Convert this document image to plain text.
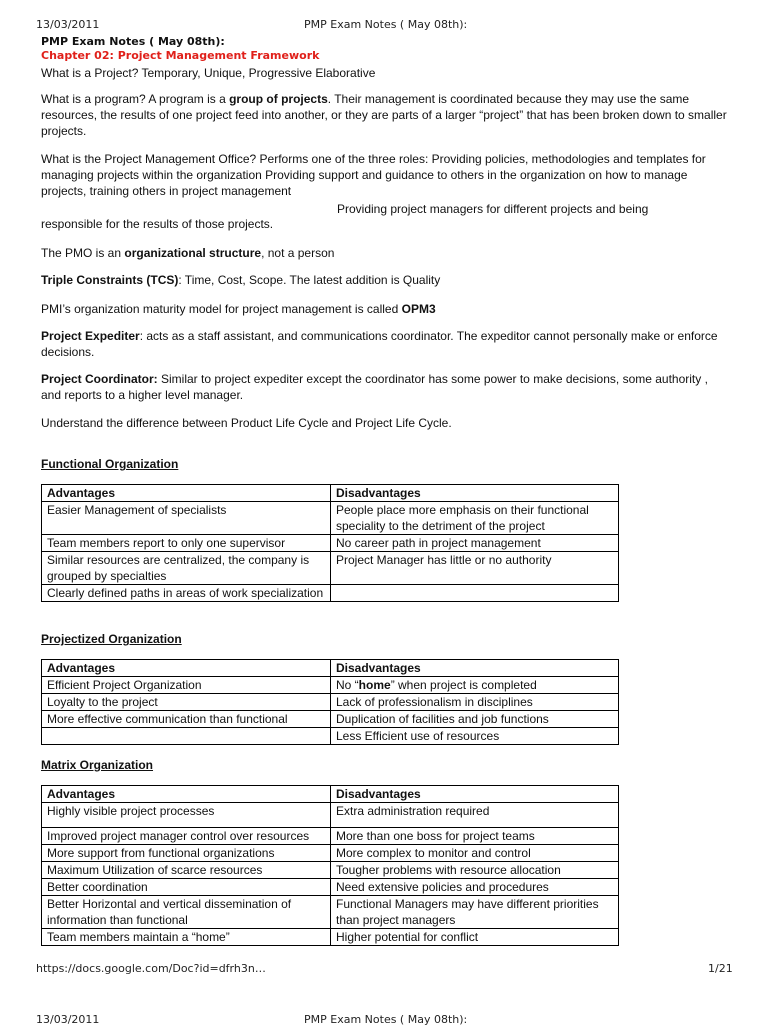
13/03/2011	PMP Exam Notes ( May 08th):
PMP Exam Notes ( May 08th):
Chapter 02: Project Management Framework
What is a Project? Temporary, Unique, Progressive Elaborative
What is a program? A program is a group of projects. Their management is coordinated because they may use the same resources, the results of one project feed into another, or they are parts of a larger “project” that has been broken down to smaller projects.
What is the Project Management Office? Performs one of the three roles: Providing policies, methodologies and templates for managing projects within the organization Providing support and guidance to others in the organization on how to manage projects, training others in project management
Providing project managers for different projects and being
responsible for the results of those projects.
The PMO is an organizational structure, not a person
Triple Constraints (TCS): Time, Cost, Scope. The latest addition is Quality
PMI’s organization maturity model for project management is called OPM3
Project Expediter: acts as a staff assistant, and communications coordinator. The expeditor cannot personally make or enforce decisions.
Project Coordinator: Similar to project expediter except the coordinator has some power to make decisions, some authority , and reports to a higher level manager.
Understand the difference between Product Life Cycle and Project Life Cycle.
Functional Organization
Advantages	Disadvantages
Easier Management of specialists	People place more emphasis on their functional speciality to the detriment of the project
Team members report to only one supervisor	No career path in project management
Similar resources are centralized, the company is grouped by specialties	Project Manager has little or no authority
Clearly defined paths in areas of work specialization	
Projectized Organization
Advantages	Disadvantages
Efficient Project Organization	No “home” when project is completed
Loyalty to the project	Lack of professionalism in disciplines
More effective communication than functional	Duplication of facilities and job functions
	Less Efficient use of resources
Matrix Organization
Advantages	Disadvantages
Highly visible project processes	Extra administration required
Improved project manager control over resources	More than one boss for project teams
More support from functional organizations	More complex to monitor and control
Maximum Utilization of scarce resources	Tougher problems with resource allocation
Better coordination	Need extensive policies and procedures
Better Horizontal and vertical dissemination of information than functional	Functional Managers may have different priorities than project managers
Team members maintain a “home”	Higher potential for conflict
https://docs.google.com/Doc?id=dfrh3n…	1/21
13/03/2011	PMP Exam Notes ( May 08th):
